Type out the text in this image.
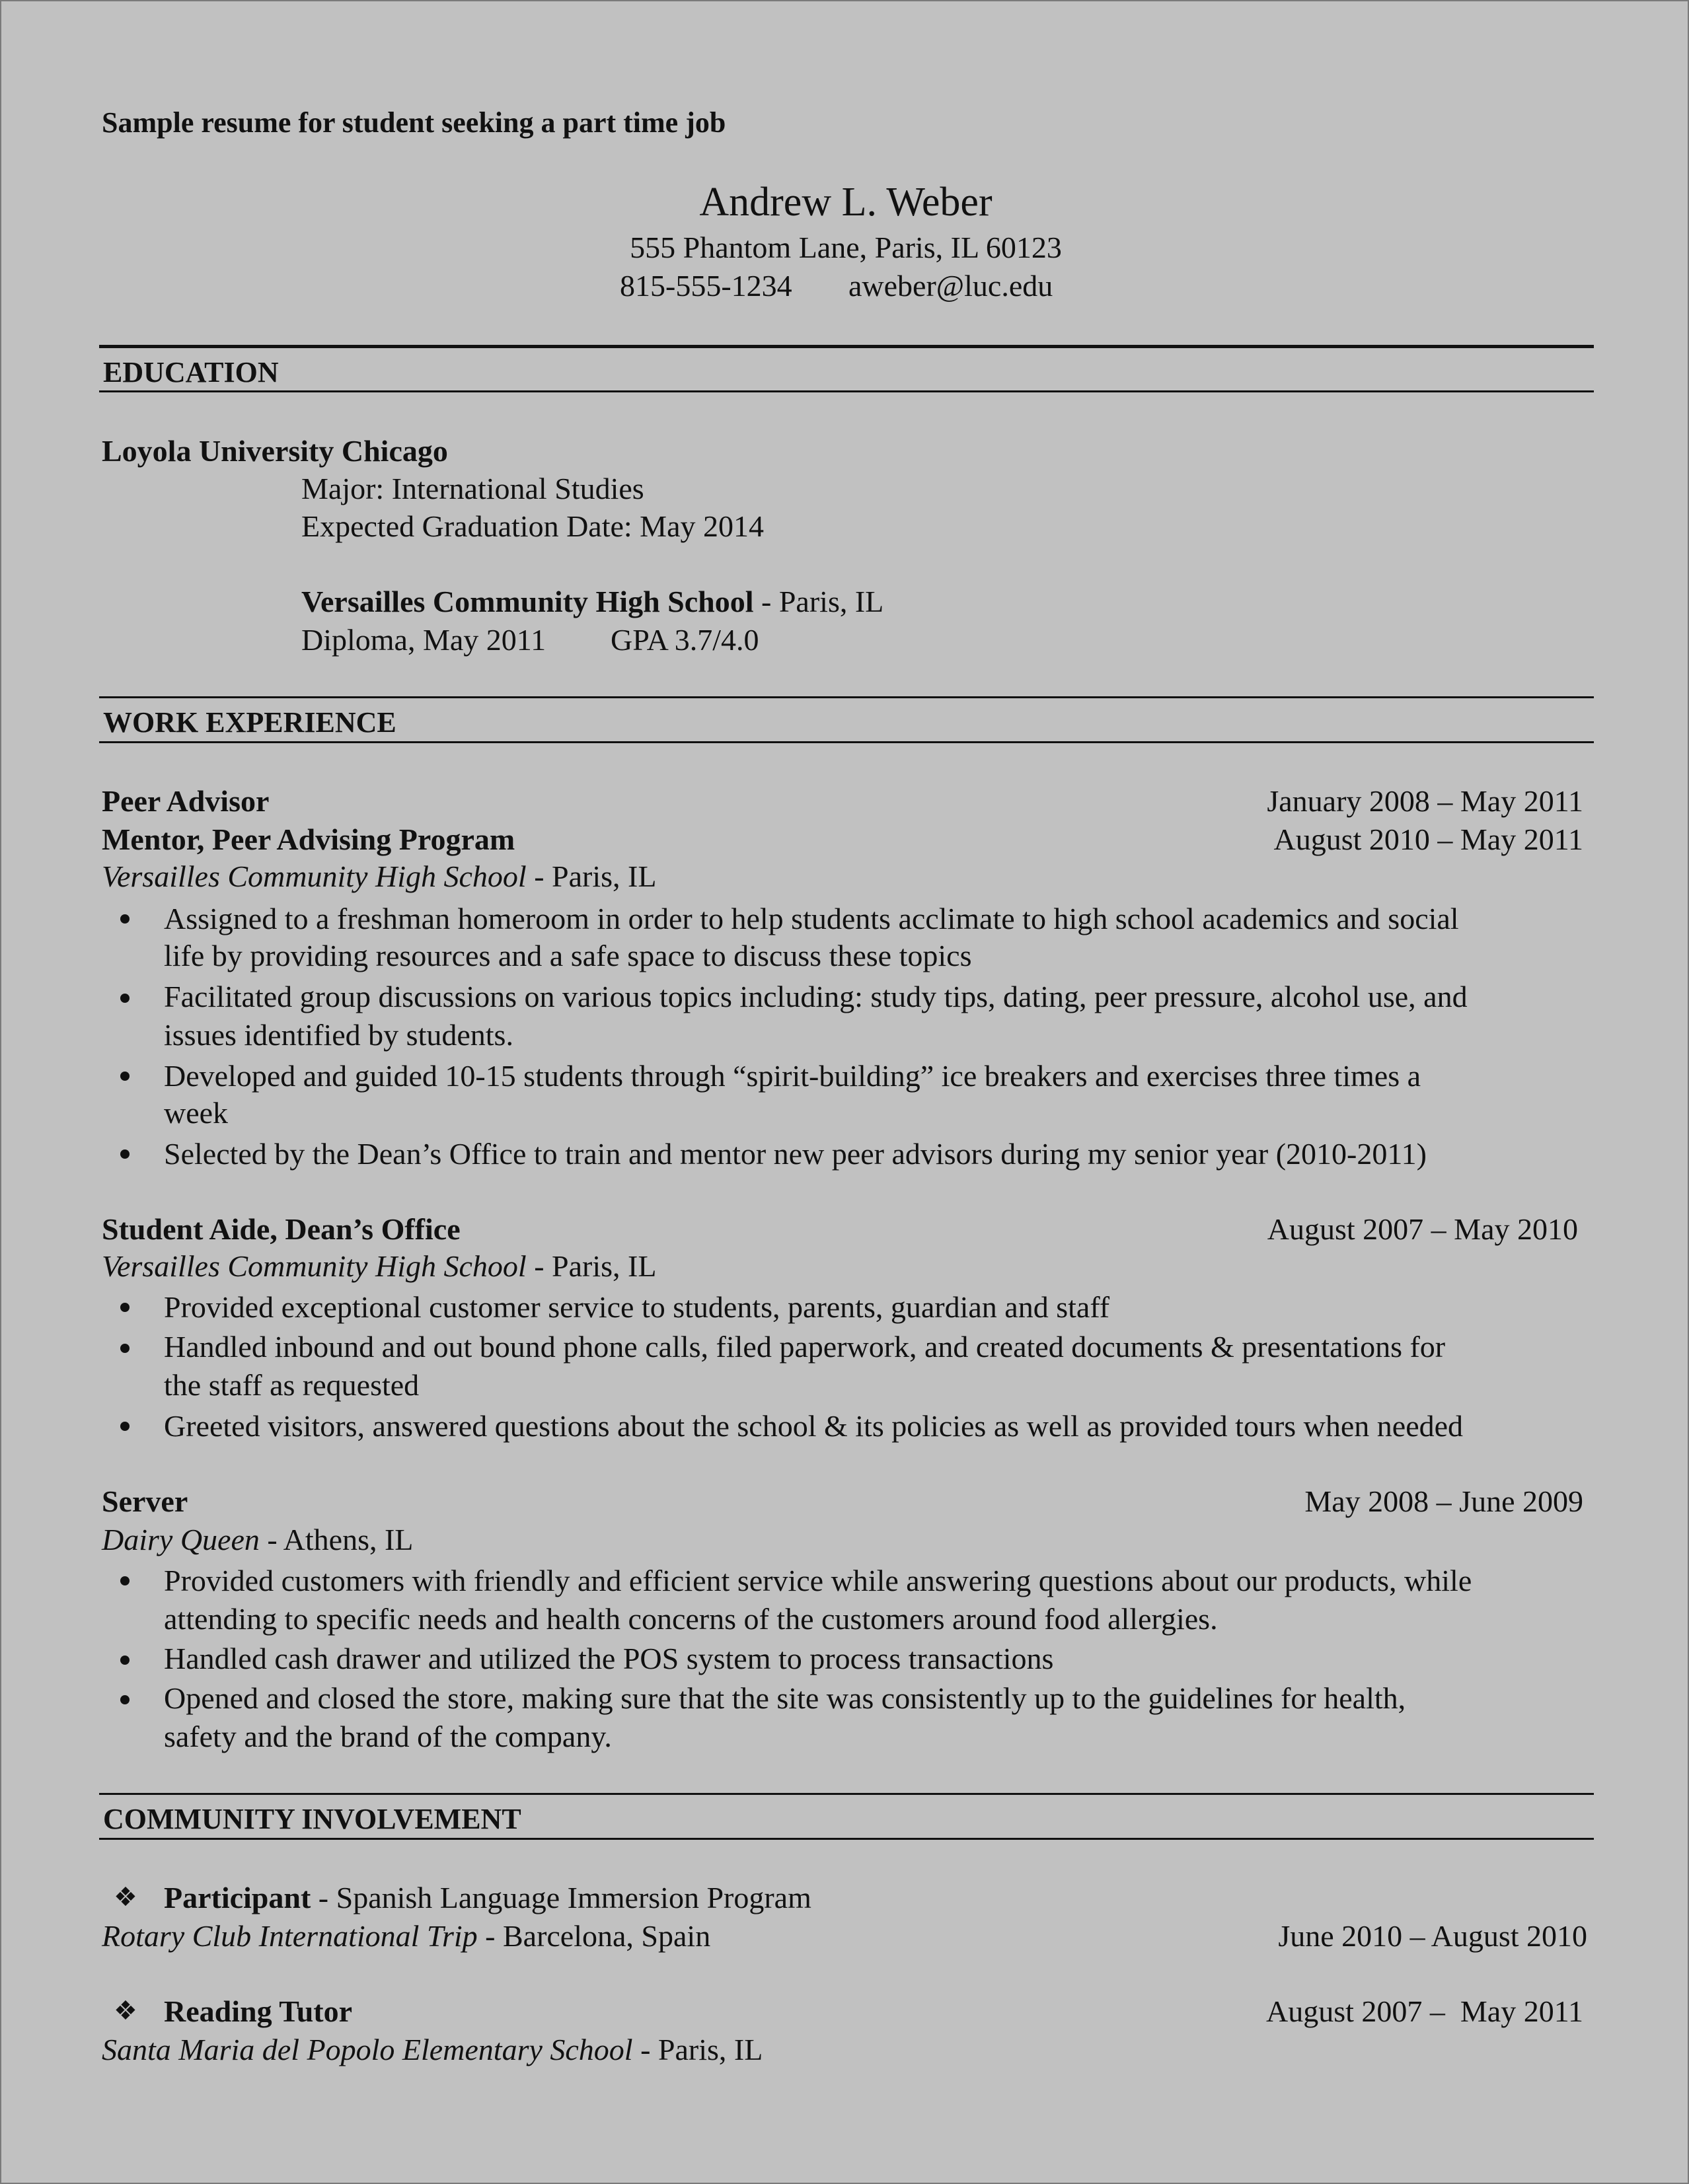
Sample resume for student seeking a part time job
Andrew L. Weber
555 Phantom Lane, Paris, IL 60123
815-555-1234 aweber@luc.edu
EDUCATION
Loyola University Chicago
Major: International Studies
Expected Graduation Date: May 2014
Versailles Community High School - Paris, IL
Diploma, May 2011 GPA 3.7/4.0
WORK EXPERIENCE
Peer Advisor	January 2008 – May 2011
Mentor, Peer Advising Program	August 2010 – May 2011
Versailles Community High School - Paris, IL
Assigned to a freshman homeroom in order to help students acclimate to high school academics and social
life by providing resources and a safe space to discuss these topics
Facilitated group discussions on various topics including: study tips, dating, peer pressure, alcohol use, and
issues identified by students.
Developed and guided 10-15 students through “spirit-building” ice breakers and exercises three times a
week
Selected by the Dean’s Office to train and mentor new peer advisors during my senior year (2010-2011)
Student Aide, Dean’s Office	August 2007 – May 2010
Versailles Community High School - Paris, IL
Provided exceptional customer service to students, parents, guardian and staff
Handled inbound and out bound phone calls, filed paperwork, and created documents & presentations for
the staff as requested
Greeted visitors, answered questions about the school & its policies as well as provided tours when needed
Server	May 2008 – June 2009
Dairy Queen - Athens, IL
Provided customers with friendly and efficient service while answering questions about our products, while
attending to specific needs and health concerns of the customers around food allergies.
Handled cash drawer and utilized the POS system to process transactions
Opened and closed the store, making sure that the site was consistently up to the guidelines for health,
safety and the brand of the company.
COMMUNITY INVOLVEMENT
❖ Participant - Spanish Language Immersion Program
Rotary Club International Trip - Barcelona, Spain	June 2010 – August 2010
❖ Reading Tutor	August 2007 –  May 2011
Santa Maria del Popolo Elementary School - Paris, IL
